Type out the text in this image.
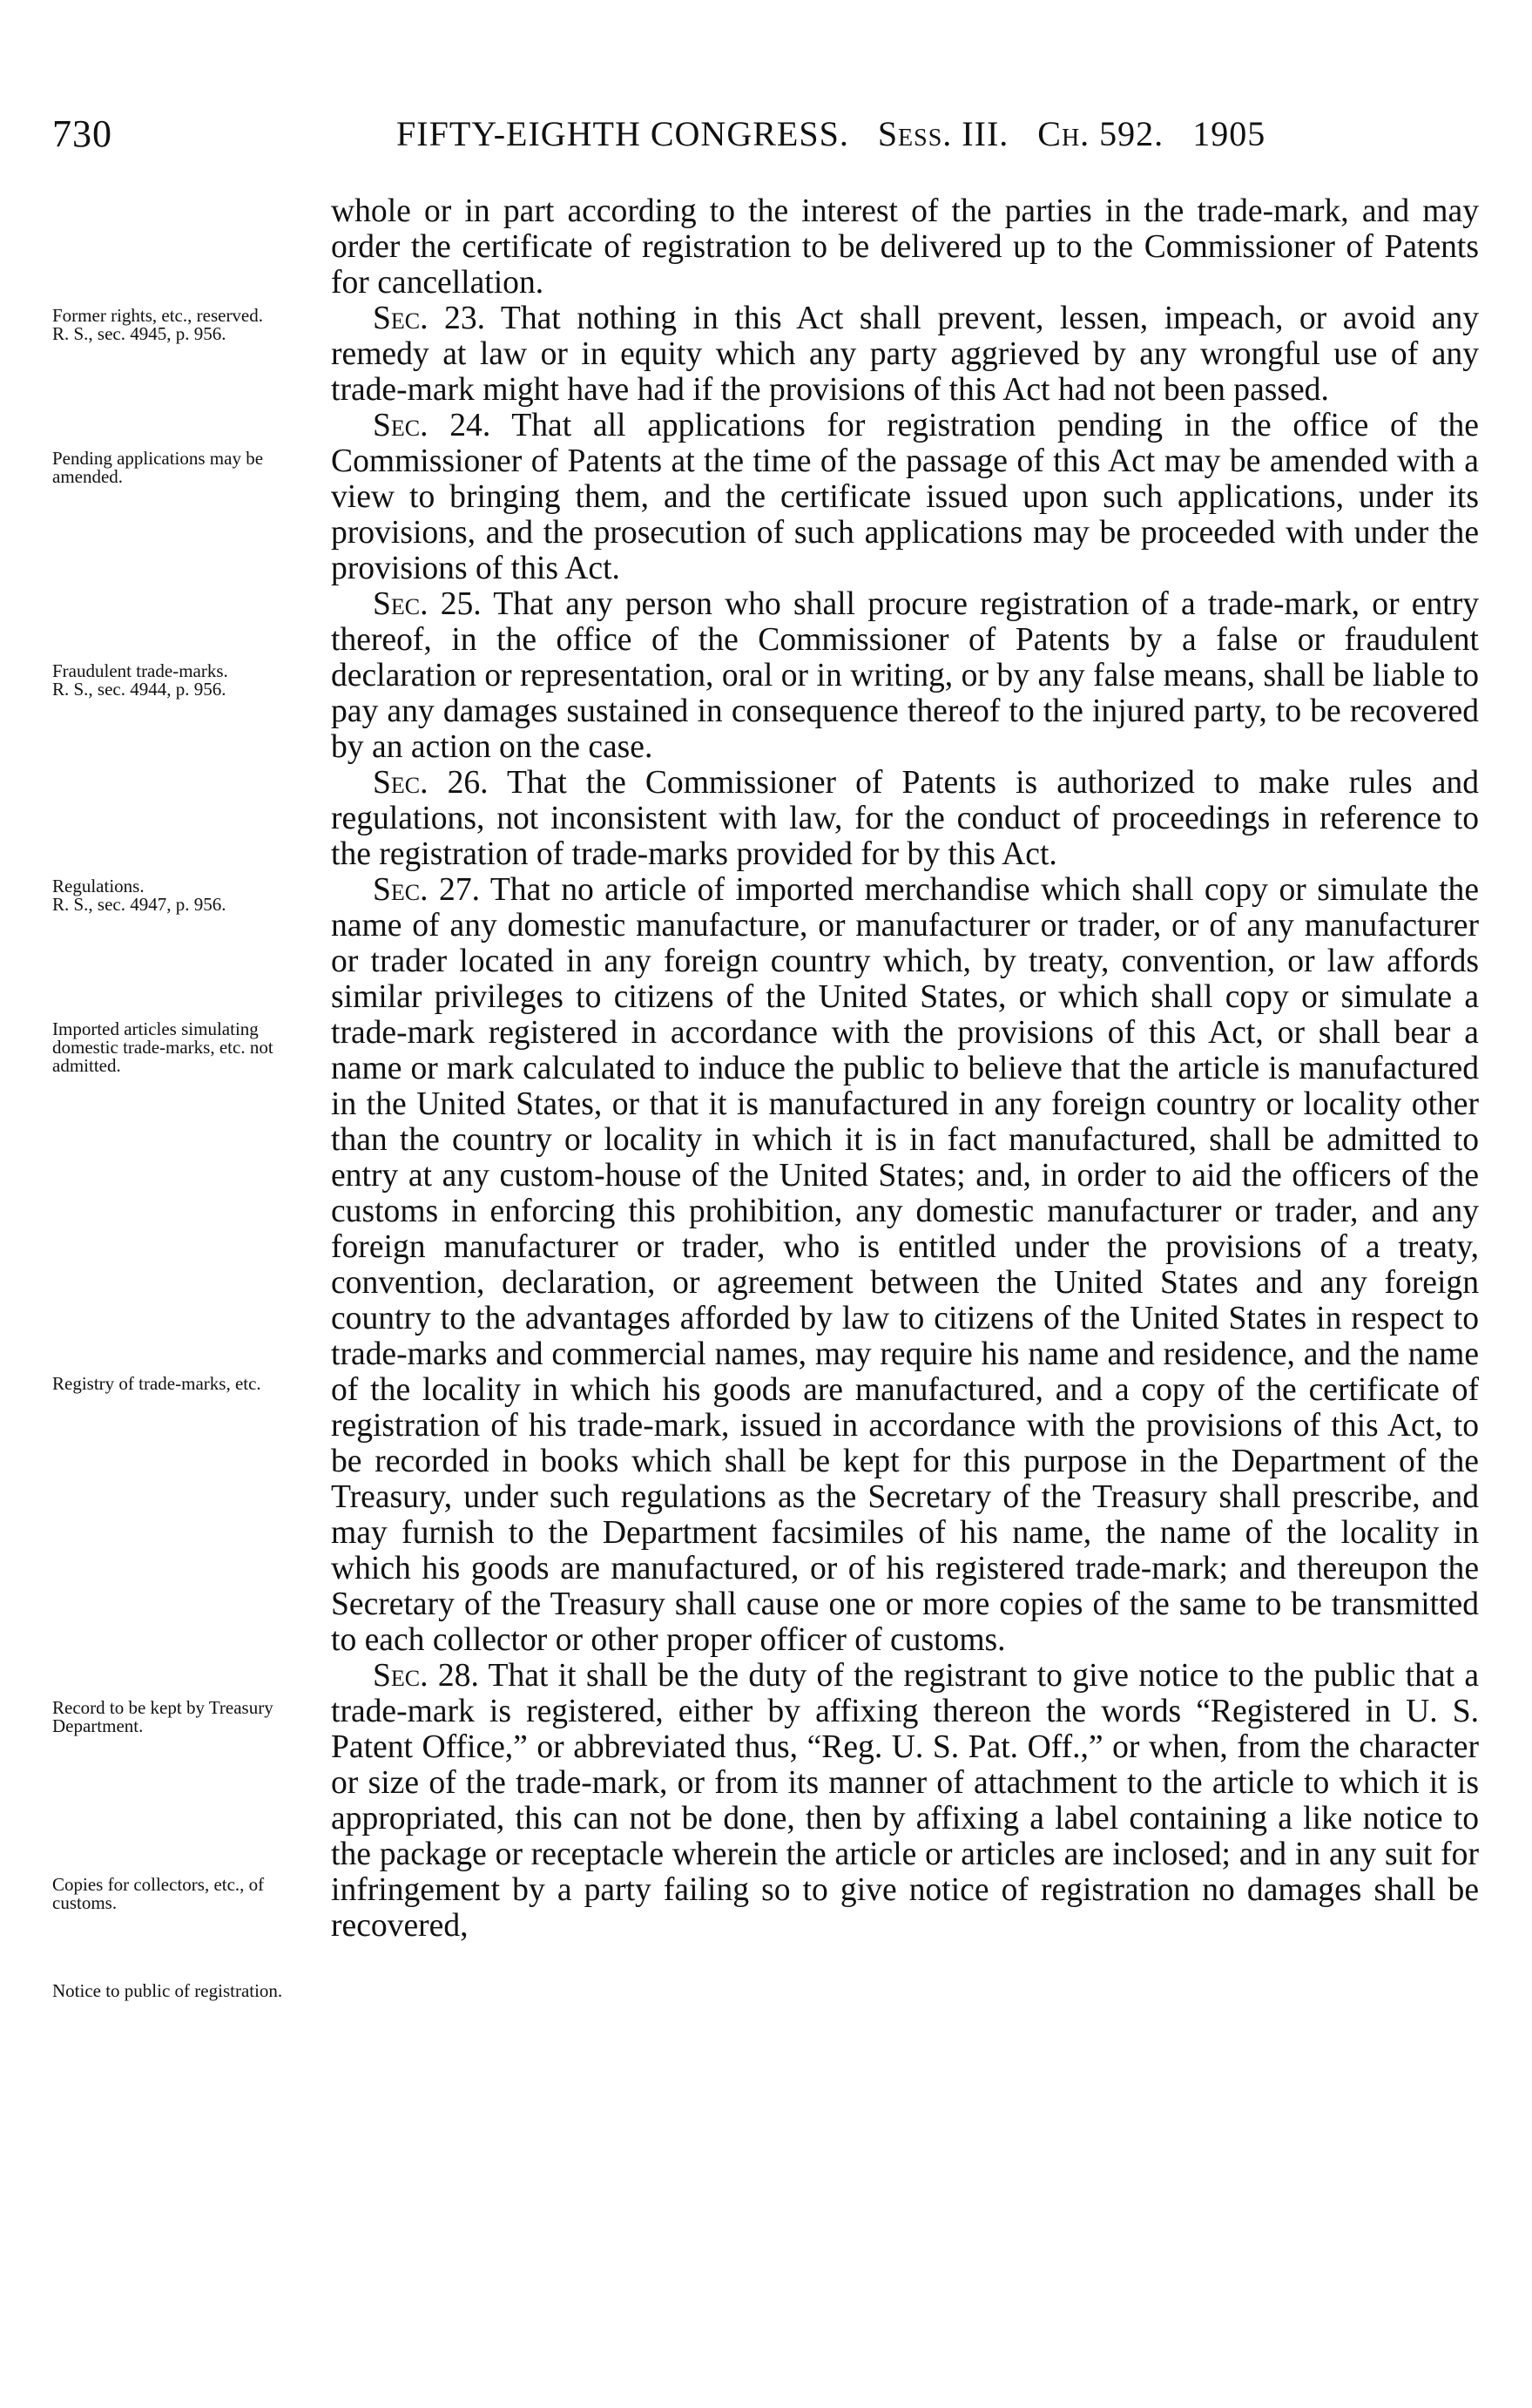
730	FIFTY-EIGHTH CONGRESS. Sess. III. Ch. 592. 1905
Former rights, etc., reserved.
R. S., sec. 4945, p. 956.
Pending applications may be amended.
Fraudulent trade-marks.
R. S., sec. 4944, p. 956.
Regulations.
R. S., sec. 4947, p. 956.
Imported articles simulating domestic trade-marks, etc. not admitted.
Registry of trade-marks, etc.
Record to be kept by Treasury Department.
Copies for collectors, etc., of customs.
Notice to public of registration.

whole or in part according to the interest of the parties in the trade-mark, and may order the certificate of registration to be delivered up to the Commissioner of Patents for cancellation.

Sec. 23. That nothing in this Act shall prevent, lessen, impeach, or avoid any remedy at law or in equity which any party aggrieved by any wrongful use of any trade-mark might have had if the provisions of this Act had not been passed.

Sec. 24. That all applications for registration pending in the office of the Commissioner of Patents at the time of the passage of this Act may be amended with a view to bringing them, and the certificate issued upon such applications, under its provisions, and the prosecution of such applications may be proceeded with under the provisions of this Act.

Sec. 25. That any person who shall procure registration of a trade-mark, or entry thereof, in the office of the Commissioner of Patents by a false or fraudulent declaration or representation, oral or in writing, or by any false means, shall be liable to pay any damages sustained in consequence thereof to the injured party, to be recovered by an action on the case.

Sec. 26. That the Commissioner of Patents is authorized to make rules and regulations, not inconsistent with law, for the conduct of proceedings in reference to the registration of trade-marks provided for by this Act.

Sec. 27. That no article of imported merchandise which shall copy or simulate the name of any domestic manufacture, or manufacturer or trader, or of any manufacturer or trader located in any foreign country which, by treaty, convention, or law affords similar privileges to citizens of the United States, or which shall copy or simulate a trade-mark registered in accordance with the provisions of this Act, or shall bear a name or mark calculated to induce the public to believe that the article is manufactured in the United States, or that it is manufactured in any foreign country or locality other than the country or locality in which it is in fact manufactured, shall be admitted to entry at any custom-house of the United States; and, in order to aid the officers of the customs in enforcing this prohibition, any domestic manufacturer or trader, and any foreign manufacturer or trader, who is entitled under the provisions of a treaty, convention, declaration, or agreement between the United States and any foreign country to the advantages afforded by law to citizens of the United States in respect to trade-marks and commercial names, may require his name and residence, and the name of the locality in which his goods are manufactured, and a copy of the certificate of registration of his trade-mark, issued in accordance with the provisions of this Act, to be recorded in books which shall be kept for this purpose in the Department of the Treasury, under such regulations as the Secretary of the Treasury shall prescribe, and may furnish to the Department facsimiles of his name, the name of the locality in which his goods are manufactured, or of his registered trade-mark; and thereupon the Secretary of the Treasury shall cause one or more copies of the same to be transmitted to each collector or other proper officer of customs.

Sec. 28. That it shall be the duty of the registrant to give notice to the public that a trade-mark is registered, either by affixing thereon the words “Registered in U. S. Patent Office,” or abbreviated thus, “Reg. U. S. Pat. Off.,” or when, from the character or size of the trade-mark, or from its manner of attachment to the article to which it is appropriated, this can not be done, then by affixing a label containing a like notice to the package or receptacle wherein the article or articles are inclosed; and in any suit for infringement by a party failing so to give notice of registration no damages shall be recovered,
